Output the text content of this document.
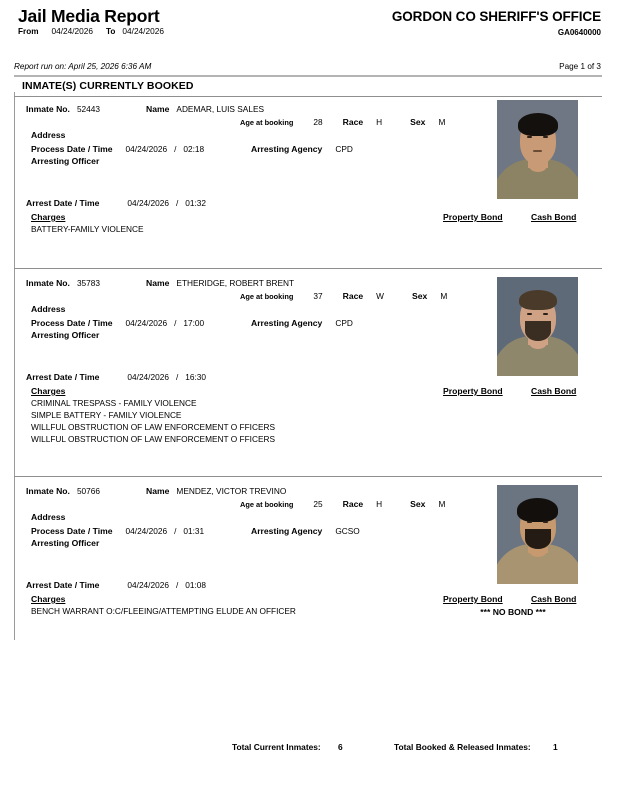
Jail Media Report
From 04/24/2026 To 04/24/2026
GORDON CO SHERIFF'S OFFICE
GA0640000
Report run on: April 25, 2026 6:36 AM	Page 1 of 3
INMATE(S) CURRENTLY BOOKED
Inmate No. 52443	Name ADEMAR, LUIS SALES
Age at booking 28 Race H	Sex M
Address
Process Date / Time 04/24/2026 / 02:18	Arresting Agency CPD
Arresting Officer
Arrest Date / Time	04/24/2026 / 01:32
Charges	Property Bond	Cash Bond
BATTERY-FAMILY VIOLENCE
Inmate No. 35783	Name ETHERIDGE, ROBERT BRENT
Age at booking 37 Race W	Sex M
Address
Process Date / Time 04/24/2026 / 17:00	Arresting Agency CPD
Arresting Officer
Arrest Date / Time	04/24/2026 / 16:30
Charges	Property Bond	Cash Bond
CRIMINAL TRESPASS - FAMILY VIOLENCE
SIMPLE BATTERY - FAMILY VIOLENCE
WILLFUL OBSTRUCTION OF LAW ENFORCEMENT O FFICERS
WILLFUL OBSTRUCTION OF LAW ENFORCEMENT O FFICERS
Inmate No. 50766	Name MENDEZ, VICTOR TREVINO
Age at booking 25 Race H	Sex M
Address
Process Date / Time 04/24/2026 / 01:31	Arresting Agency GCSO
Arresting Officer
Arrest Date / Time	04/24/2026 / 01:08
Charges	Property Bond	Cash Bond
BENCH WARRANT O:C/FLEEING/ATTEMPTING ELUDE AN OFFICER	*** NO BOND ***
Total Current Inmates: 6	Total Booked & Released Inmates:	1
